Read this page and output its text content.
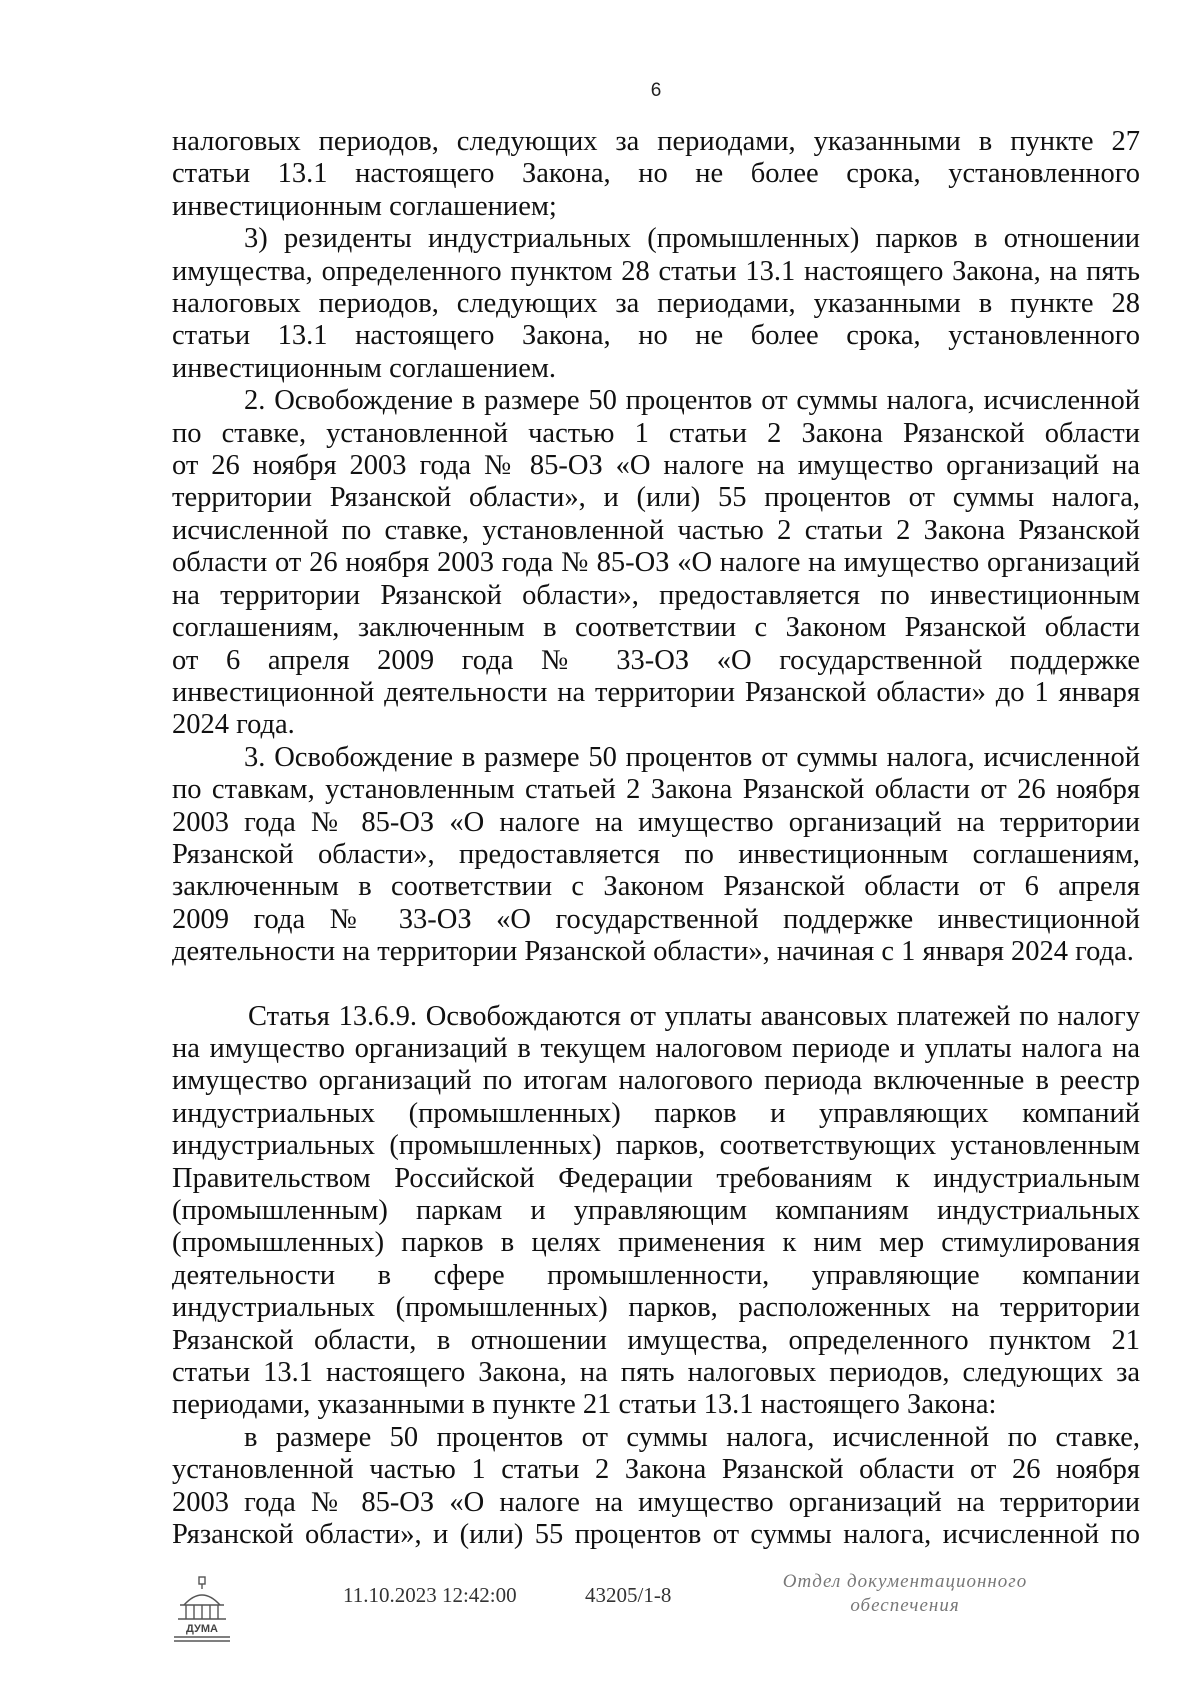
6

налоговых периодов, следующих за периодами, указанными в пункте 27

статьи 13.1 настоящего Закона, но не более срока, установленного

инвестиционным соглашением;

3) резиденты индустриальных (промышленных) парков в отношении

имущества, определенного пунктом 28 статьи 13.1 настоящего Закона, на пять

налоговых периодов, следующих за периодами, указанными в пункте 28

статьи 13.1 настоящего Закона, но не более срока, установленного

инвестиционным соглашением.

2. Освобождение в размере 50 процентов от суммы налога, исчисленной

по ставке, установленной частью 1 статьи 2 Закона Рязанской области

от 26 ноября 2003 года № 85-ОЗ «О налоге на имущество организаций на

территории Рязанской области», и (или) 55 процентов от суммы налога,

исчисленной по ставке, установленной частью 2 статьи 2 Закона Рязанской

области от 26 ноября 2003 года № 85-ОЗ «О налоге на имущество организаций

на территории Рязанской области», предоставляется по инвестиционным

соглашениям, заключенным в соответствии с Законом Рязанской области

от 6 апреля 2009 года № 33-ОЗ «О государственной поддержке

инвестиционной деятельности на территории Рязанской области» до 1 января

2024 года.

3. Освобождение в размере 50 процентов от суммы налога, исчисленной

по ставкам, установленным статьей 2 Закона Рязанской области от 26 ноября

2003 года № 85-ОЗ «О налоге на имущество организаций на территории

Рязанской области», предоставляется по инвестиционным соглашениям,

заключенным в соответствии с Законом Рязанской области от 6 апреля

2009 года № 33-ОЗ «О государственной поддержке инвестиционной

деятельности на территории Рязанской области», начиная с 1 января 2024 года.

Статья 13.6.9. Освобождаются от уплаты авансовых платежей по налогу

на имущество организаций в текущем налоговом периоде и уплаты налога на

имущество организаций по итогам налогового периода включенные в реестр

индустриальных (промышленных) парков и управляющих компаний

индустриальных (промышленных) парков, соответствующих установленным

Правительством Российской Федерации требованиям к индустриальным

(промышленным) паркам и управляющим компаниям индустриальных

(промышленных) парков в целях применения к ним мер стимулирования

деятельности в сфере промышленности, управляющие компании

индустриальных (промышленных) парков, расположенных на территории

Рязанской области, в отношении имущества, определенного пунктом 21

статьи 13.1 настоящего Закона, на пять налоговых периодов, следующих за

периодами, указанными в пункте 21 статьи 13.1 настоящего Закона:

в размере 50 процентов от суммы налога, исчисленной по ставке,

установленной частью 1 статьи 2 Закона Рязанской области от 26 ноября

2003 года № 85-ОЗ «О налоге на имущество организаций на территории

Рязанской области», и (или) 55 процентов от суммы налога, исчисленной по

ДУМА
11.10.2023 12:42:00	43205/1-8
Отдел документационного
обеспечения
